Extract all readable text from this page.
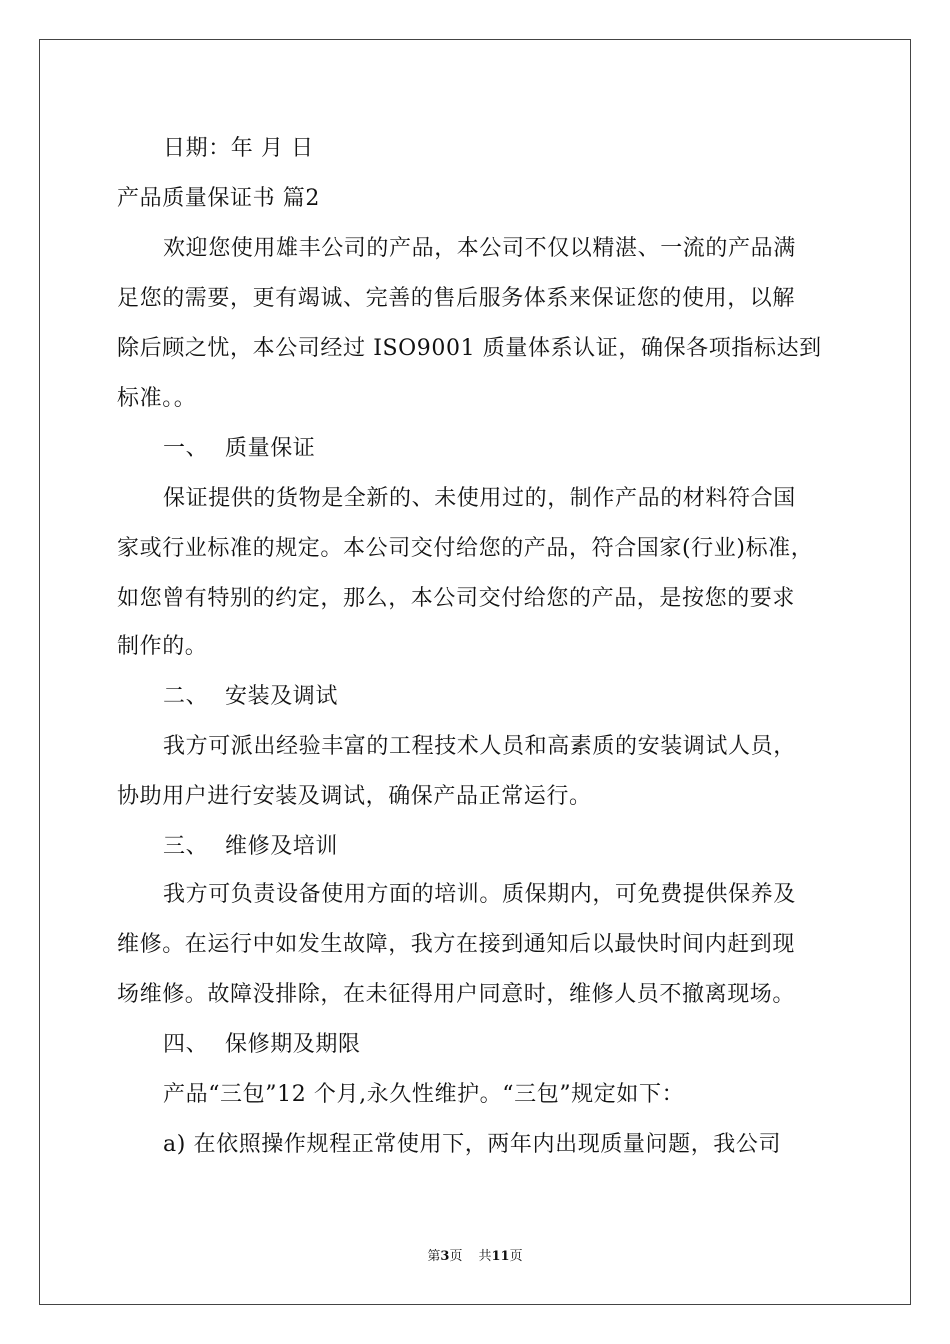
日期：年 月 日
产品质量保证书 篇2
欢迎您使用雄丰公司的产品，本公司不仅以精湛、一流的产品满
足您的需要，更有竭诚、完善的售后服务体系来保证您的使用，以解
除后顾之忧，本公司经过 ISO9001 质量体系认证，确保各项指标达到
标准。。
一、 质量保证
保证提供的货物是全新的、未使用过的，制作产品的材料符合国
家或行业标准的规定。本公司交付给您的产品，符合国家(行业)标准，
如您曾有特别的约定，那么，本公司交付给您的产品，是按您的要求
制作的。
二、 安装及调试
我方可派出经验丰富的工程技术人员和高素质的安装调试人员，
协助用户进行安装及调试，确保产品正常运行。
三、 维修及培训
我方可负责设备使用方面的培训。质保期内，可免费提供保养及
维修。在运行中如发生故障，我方在接到通知后以最快时间内赶到现
场维修。故障没排除，在未征得用户同意时，维修人员不撤离现场。
四、 保修期及期限
产品“三包”12 个月,永久性维护。“三包”规定如下：
a) 在依照操作规程正常使用下，两年内出现质量问题，我公司
第3页 共11页
